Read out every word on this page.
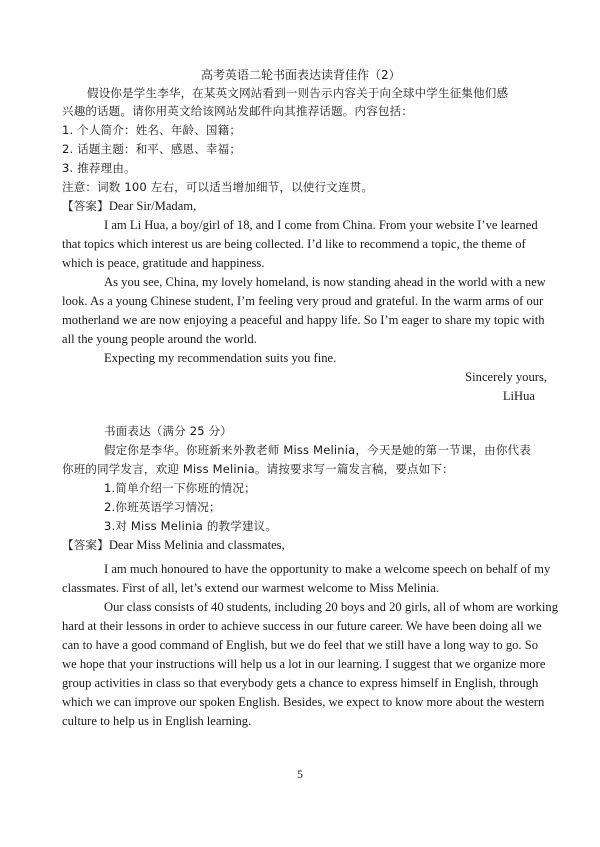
高考英语二轮书面表达读背佳作（2）
假设你是学生李华，在某英文网站看到一则告示内容关于向全球中学生征集他们感
兴趣的话题。请你用英文给该网站发邮件向其推荐话题。内容包括：
1. 个人简介：姓名、年龄、国籍；
2. 话题主题：和平、感恩、幸福；
3. 推荐理由。
注意：词数 100 左右，可以适当增加细节，以使行文连贯。
【答案】Dear Sir/Madam,
I am Li Hua, a boy/girl of 18, and I come from China. From your website I’ve learned
that topics which interest us are being collected. I’d like to recommend a topic, the theme of
which is peace, gratitude and happiness.
As you see, China, my lovely homeland, is now standing ahead in the world with a new
look. As a young Chinese student, I’m feeling very proud and grateful. In the warm arms of our
motherland we are now enjoying a peaceful and happy life. So I’m eager to share my topic with
all the young people around the world.
Expecting my recommendation suits you fine.
Sincerely yours,
LiHua
书面表达（满分 25 分）
假定你是李华。你班新来外教老师 Miss Melinia，今天是她的第一节课，由你代表
你班的同学发言，欢迎 Miss Melinia。请按要求写一篇发言稿，要点如下：
1.简单介绍一下你班的情况；
2.你班英语学习情况；
3.对 Miss Melinia 的教学建议。
【答案】Dear Miss Melinia and classmates,
I am much honoured to have the opportunity to make a welcome speech on behalf of my
classmates. First of all, let’s extend our warmest welcome to Miss Melinia.
Our class consists of 40 students, including 20 boys and 20 girls, all of whom are working
hard at their lessons in order to achieve success in our future career. We have been doing all we
can to have a good command of English, but we do feel that we still have a long way to go. So
we hope that your instructions will help us a lot in our learning. I suggest that we organize more
group activities in class so that everybody gets a chance to express himself in English, through
which we can improve our spoken English. Besides, we expect to know more about the western
culture to help us in English learning.
5
